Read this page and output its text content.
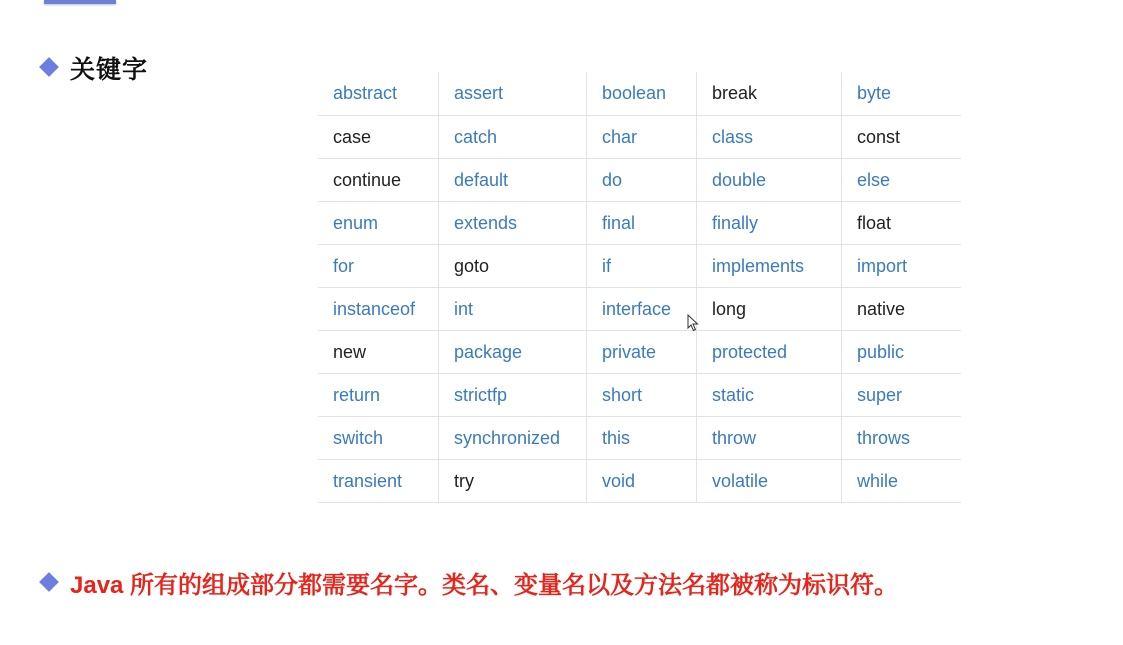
关键字
abstract	assert	boolean	break	byte
case	catch	char	class	const
continue	default	do	double	else
enum	extends	final	finally	float
for	goto	if	implements	import
instanceof	int	interface	long	native
new	package	private	protected	public
return	strictfp	short	static	super
switch	synchronized	this	throw	throws
transient	try	void	volatile	while
Java 所有的组成部分都需要名字。类名、变量名以及方法名都被称为标识符。
